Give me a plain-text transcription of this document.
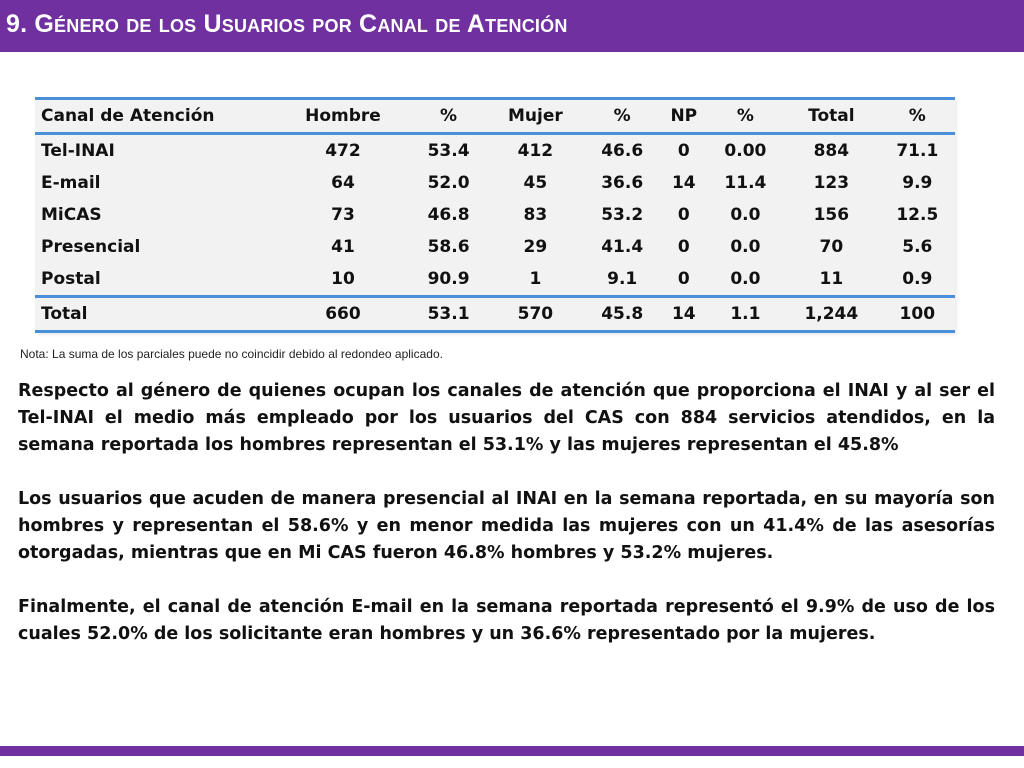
9. Género de los Usuarios por Canal de Atención
Canal de Atención	Hombre	%	Mujer	%	NP	%	Total	%
Tel-INAI	472	53.4	412	46.6	0	0.00	884	71.1
E-mail	64	52.0	45	36.6	14	11.4	123	9.9
MiCAS	73	46.8	83	53.2	0	0.0	156	12.5
Presencial	41	58.6	29	41.4	0	0.0	70	5.6
Postal	10	90.9	1	9.1	0	0.0	11	0.9
Total	660	53.1	570	45.8	14	1.1	1,244	100
Nota: La suma de los parciales puede no coincidir debido al redondeo aplicado.

Respecto al género de quienes ocupan los canales de atención que proporciona el INAI y al ser el Tel-INAI el medio más empleado por los usuarios del CAS con 884 servicios atendidos, en la semana reportada los hombres representan el 53.1% y las mujeres representan el 45.8%

Los usuarios que acuden de manera presencial al INAI en la semana reportada, en su mayoría son hombres y representan el 58.6% y en menor medida las mujeres con un 41.4% de las asesorías otorgadas, mientras que en Mi CAS fueron 46.8% hombres y 53.2% mujeres.

Finalmente, el canal de atención E-mail en la semana reportada representó el 9.9% de uso de los cuales 52.0% de los solicitante eran hombres y un 36.6% representado por la mujeres.
